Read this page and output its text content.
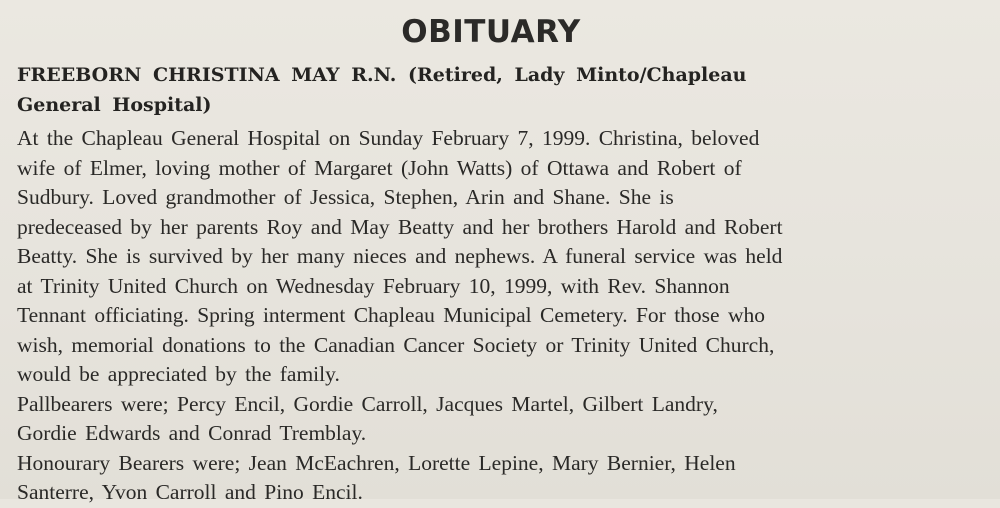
OBITUARY
FREEBORN CHRISTINA MAY R.N. (Retired, Lady Minto/Chapleau
General Hospital)
At the Chapleau General Hospital on Sunday February 7, 1999. Christina, beloved
wife of Elmer, loving mother of Margaret (John Watts) of Ottawa and Robert of
Sudbury. Loved grandmother of Jessica, Stephen, Arin and Shane. She is
predeceased by her parents Roy and May Beatty and her brothers Harold and Robert
Beatty. She is survived by her many nieces and nephews. A funeral service was held
at Trinity United Church on Wednesday February 10, 1999, with Rev. Shannon
Tennant officiating. Spring interment Chapleau Municipal Cemetery. For those who
wish, memorial donations to the Canadian Cancer Society or Trinity United Church,
would be appreciated by the family.
Pallbearers were; Percy Encil, Gordie Carroll, Jacques Martel, Gilbert Landry,
Gordie Edwards and Conrad Tremblay.
Honourary Bearers were; Jean McEachren, Lorette Lepine, Mary Bernier, Helen
Santerre, Yvon Carroll and Pino Encil.
